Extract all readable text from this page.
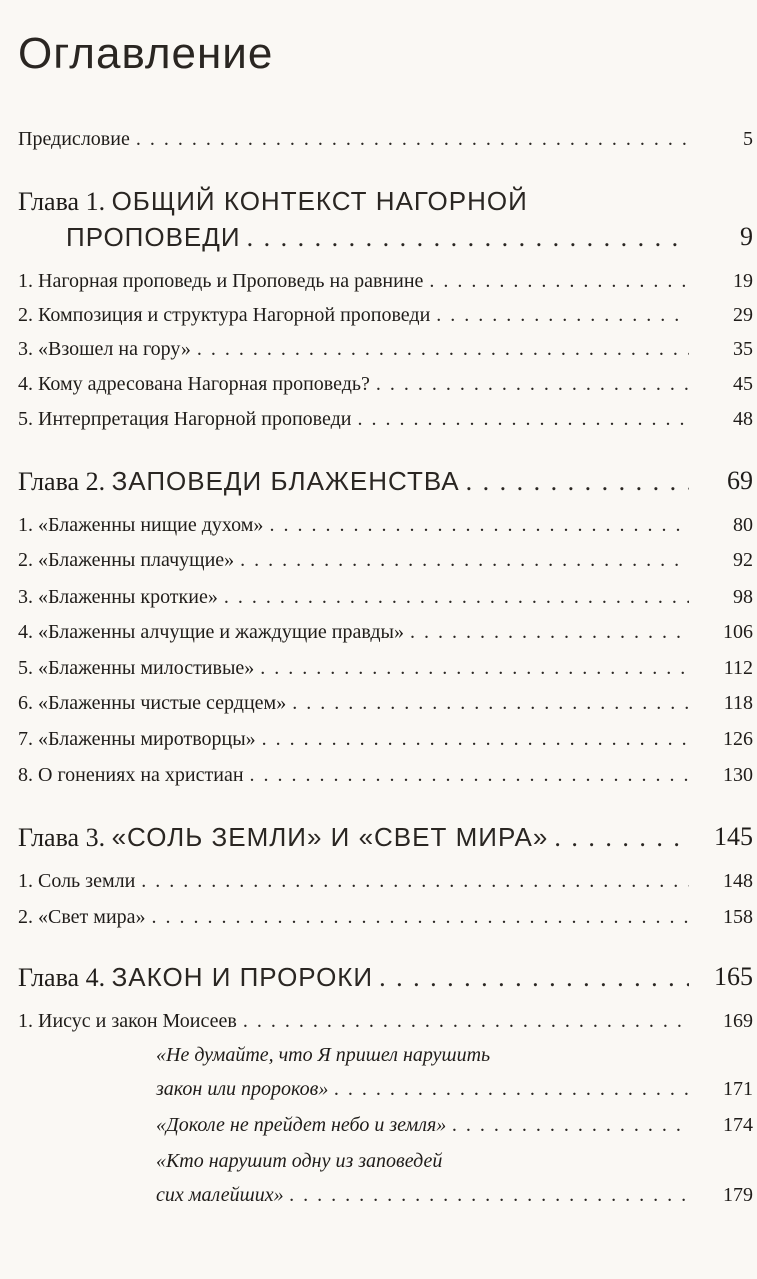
Оглавление
Предисловие . . .	5
Глава 1. ОБЩИЙ КОНТЕКСТ НАГОРНОЙ
ПРОПОВЕДИ . . .	9
1. Нагорная проповедь и Проповедь на равнине . . .	19
2. Композиция и структура Нагорной проповеди . . .	29
3. «Взошел на гору» . . .	35
4. Кому адресована Нагорная проповедь? . . .	45
5. Интерпретация Нагорной проповеди . . .	48
Глава 2. ЗАПОВЕДИ БЛАЖЕНСТВА . . .	69
1. «Блаженны нищие духом» . . .	80
2. «Блаженны плачущие» . . .	92
3. «Блаженны кроткие» . . .	98
4. «Блаженны алчущие и жаждущие правды» . . .	106
5. «Блаженны милостивые» . . .	112
6. «Блаженны чистые сердцем» . . .	118
7. «Блаженны миротворцы» . . .	126
8. О гонениях на христиан . . .	130
Глава 3. «СОЛЬ ЗЕМЛИ» И «СВЕТ МИРА» . . .	145
1. Соль земли . . .	148
2. «Свет мира» . . .	158
Глава 4. ЗАКОН И ПРОРОКИ . . .	165
1. Иисус и закон Моисеев . . .	169
«Не думайте, что Я пришел нарушить
закон или пророков» . . .	171
«Доколе не прейдет небо и земля» . . .	174
«Кто нарушит одну из заповедей
сих малейших» . . .	179
